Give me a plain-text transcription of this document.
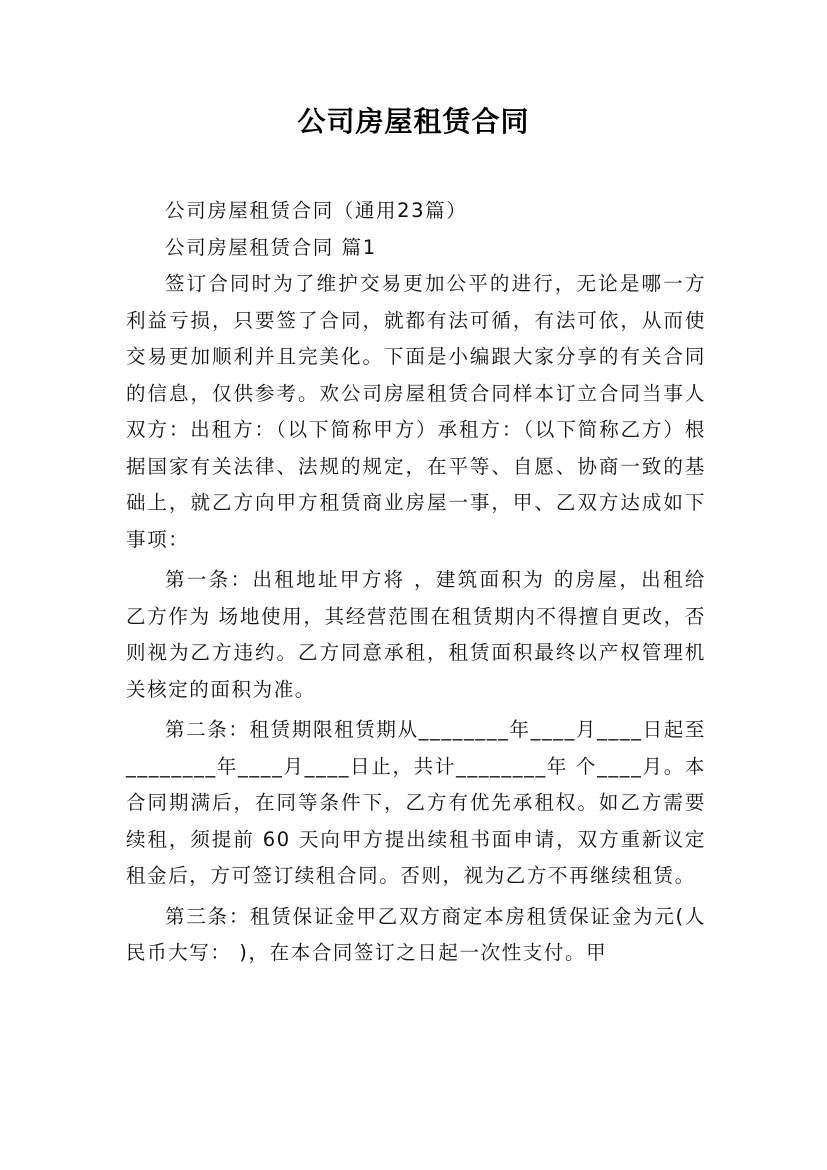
公司房屋租赁合同

公司房屋租赁合同（通用23篇）

公司房屋租赁合同 篇1

签订合同时为了维护交易更加公平的进行，无论是哪一方利益亏损，只要签了合同，就都有法可循，有法可依，从而使交易更加顺利并且完美化。下面是小编跟大家分享的有关合同的信息，仅供参考。欢公司房屋租赁合同样本订立合同当事人双方：出租方：（以下简称甲方）承租方：（以下简称乙方）根据国家有关法律、法规的规定，在平等、自愿、协商一致的基础上，就乙方向甲方租赁商业房屋一事，甲、乙双方达成如下事项：

第一条：出租地址甲方将 ，建筑面积为 的房屋，出租给乙方作为 场地使用，其经营范围在租赁期内不得擅自更改，否则视为乙方违约。乙方同意承租，租赁面积最终以产权管理机关核定的面积为准。

第二条：租赁期限租赁期从________年____月____日起至________年____月____日止，共计________年 个____月。本合同期满后，在同等条件下，乙方有优先承租权。如乙方需要续租，须提前 60 天向甲方提出续租书面申请，双方重新议定租金后，方可签订续租合同。否则，视为乙方不再继续租赁。

第三条：租赁保证金甲乙双方商定本房租赁保证金为元(人民币大写： )，在本合同签订之日起一次性支付。甲
